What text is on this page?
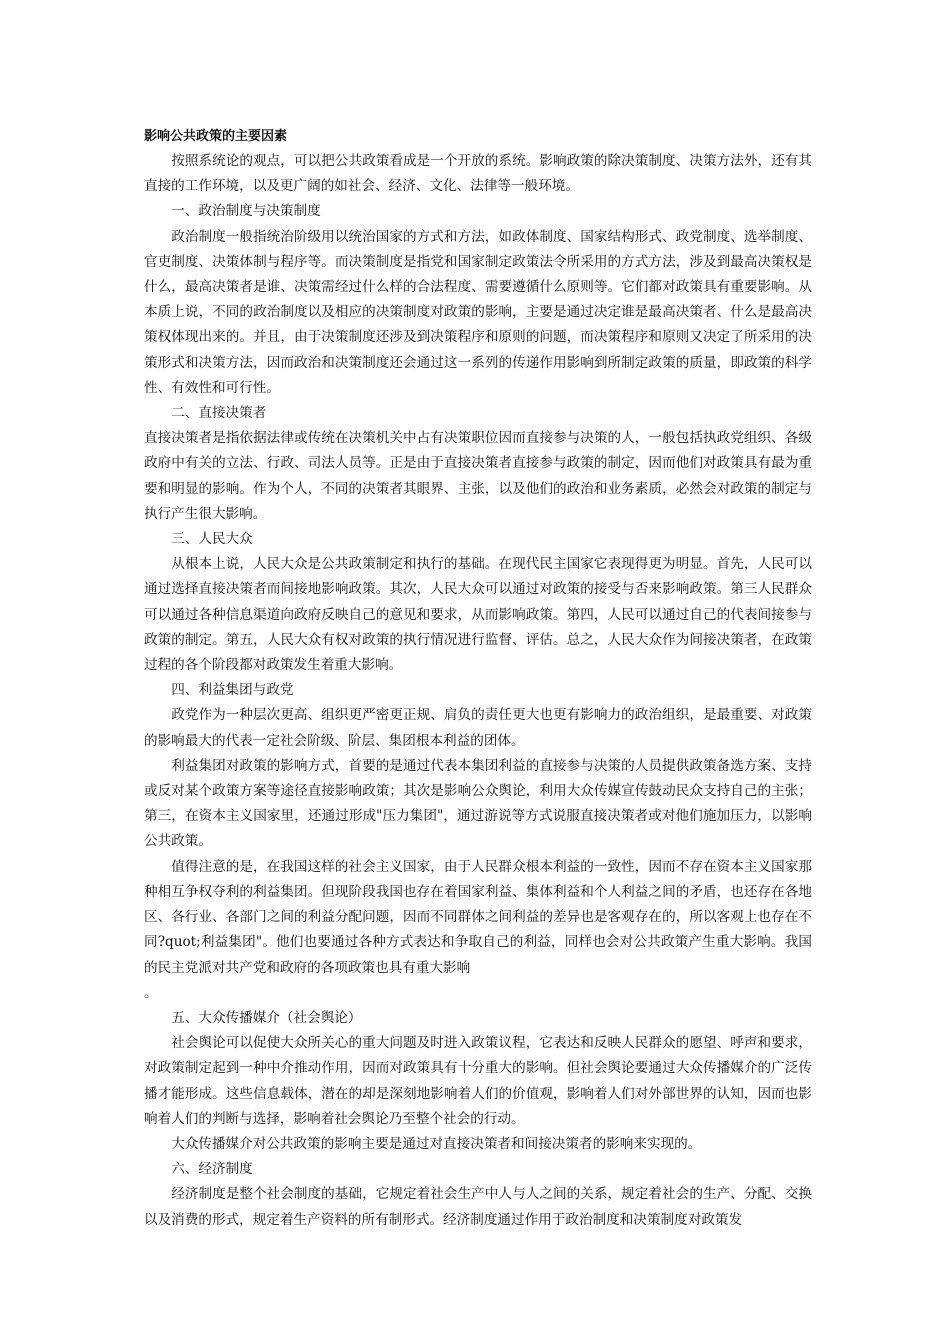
影响公共政策的主要因素

按照系统论的观点，可以把公共政策看成是一个开放的系统。影响政策的除决策制度、决策方法外，还有其直接的工作环境，以及更广阔的如社会、经济、文化、法律等一般环境。

一、政治制度与决策制度

政治制度一般指统治阶级用以统治国家的方式和方法，如政体制度、国家结构形式、政党制度、选举制度、官吏制度、决策体制与程序等。而决策制度是指党和国家制定政策法令所采用的方式方法，涉及到最高决策权是什么，最高决策者是谁、决策需经过什么样的合法程度、需要遵循什么原则等。它们都对政策具有重要影响。从本质上说，不同的政治制度以及相应的决策制度对政策的影响，主要是通过决定谁是最高决策者、什么是最高决策权体现出来的。并且，由于决策制度还涉及到决策程序和原则的问题，而决策程序和原则又决定了所采用的决策形式和决策方法，因而政治和决策制度还会通过这一系列的传递作用影响到所制定政策的质量，即政策的科学性、有效性和可行性。

二、直接决策者

直接决策者是指依据法律或传统在决策机关中占有决策职位因而直接参与决策的人，一般包括执政党组织、各级政府中有关的立法、行政、司法人员等。正是由于直接决策者直接参与政策的制定，因而他们对政策具有最为重要和明显的影响。作为个人，不同的决策者其眼界、主张，以及他们的政治和业务素质，必然会对政策的制定与执行产生很大影响。

三、人民大众

从根本上说，人民大众是公共政策制定和执行的基础。在现代民主国家它表现得更为明显。首先，人民可以通过选择直接决策者而间接地影响政策。其次，人民大众可以通过对政策的接受与否来影响政策。第三人民群众可以通过各种信息渠道向政府反映自己的意见和要求，从而影响政策。第四，人民可以通过自己的代表间接参与政策的制定。第五，人民大众有权对政策的执行情况进行监督、评估。总之，人民大众作为间接决策者，在政策过程的各个阶段都对政策发生着重大影响。

四、利益集团与政党

政党作为一种层次更高、组织更严密更正规、肩负的责任更大也更有影响力的政治组织，是最重要、对政策的影响最大的代表一定社会阶级、阶层、集团根本利益的团体。

利益集团对政策的影响方式，首要的是通过代表本集团利益的直接参与决策的人员提供政策备选方案、支持或反对某个政策方案等途径直接影响政策；其次是影响公众舆论，利用大众传媒宣传鼓动民众支持自己的主张；第三，在资本主义国家里，还通过形成"压力集团"，通过游说等方式说服直接决策者或对他们施加压力，以影响公共政策。

值得注意的是，在我国这样的社会主义国家，由于人民群众根本利益的一致性，因而不存在资本主义国家那种相互争权夺利的利益集团。但现阶段我国也存在着国家利益、集体利益和个人利益之间的矛盾，也还存在各地区、各行业、各部门之间的利益分配问题，因而不同群体之间利益的差异也是客观存在的，所以客观上也存在不同?quot;利益集团"。他们也要通过各种方式表达和争取自己的利益，同样也会对公共政策产生重大影响。我国的民主党派对共产党和政府的各项政策也具有重大影响

。

五、大众传播媒介（社会舆论）

社会舆论可以促使大众所关心的重大问题及时进入政策议程，它表达和反映人民群众的愿望、呼声和要求，对政策制定起到一种中介推动作用，因而对政策具有十分重大的影响。但社会舆论要通过大众传播媒介的广泛传播才能形成。这些信息载体，潜在的却是深刻地影响着人们的价值观，影响着人们对外部世界的认知，因而也影响着人们的判断与选择，影响着社会舆论乃至整个社会的行动。

大众传播媒介对公共政策的影响主要是通过对直接决策者和间接决策者的影响来实现的。

六、经济制度

经济制度是整个社会制度的基础，它规定着社会生产中人与人之间的关系，规定着社会的生产、分配、交换以及消费的形式，规定着生产资料的所有制形式。经济制度通过作用于政治制度和决策制度对政策发
